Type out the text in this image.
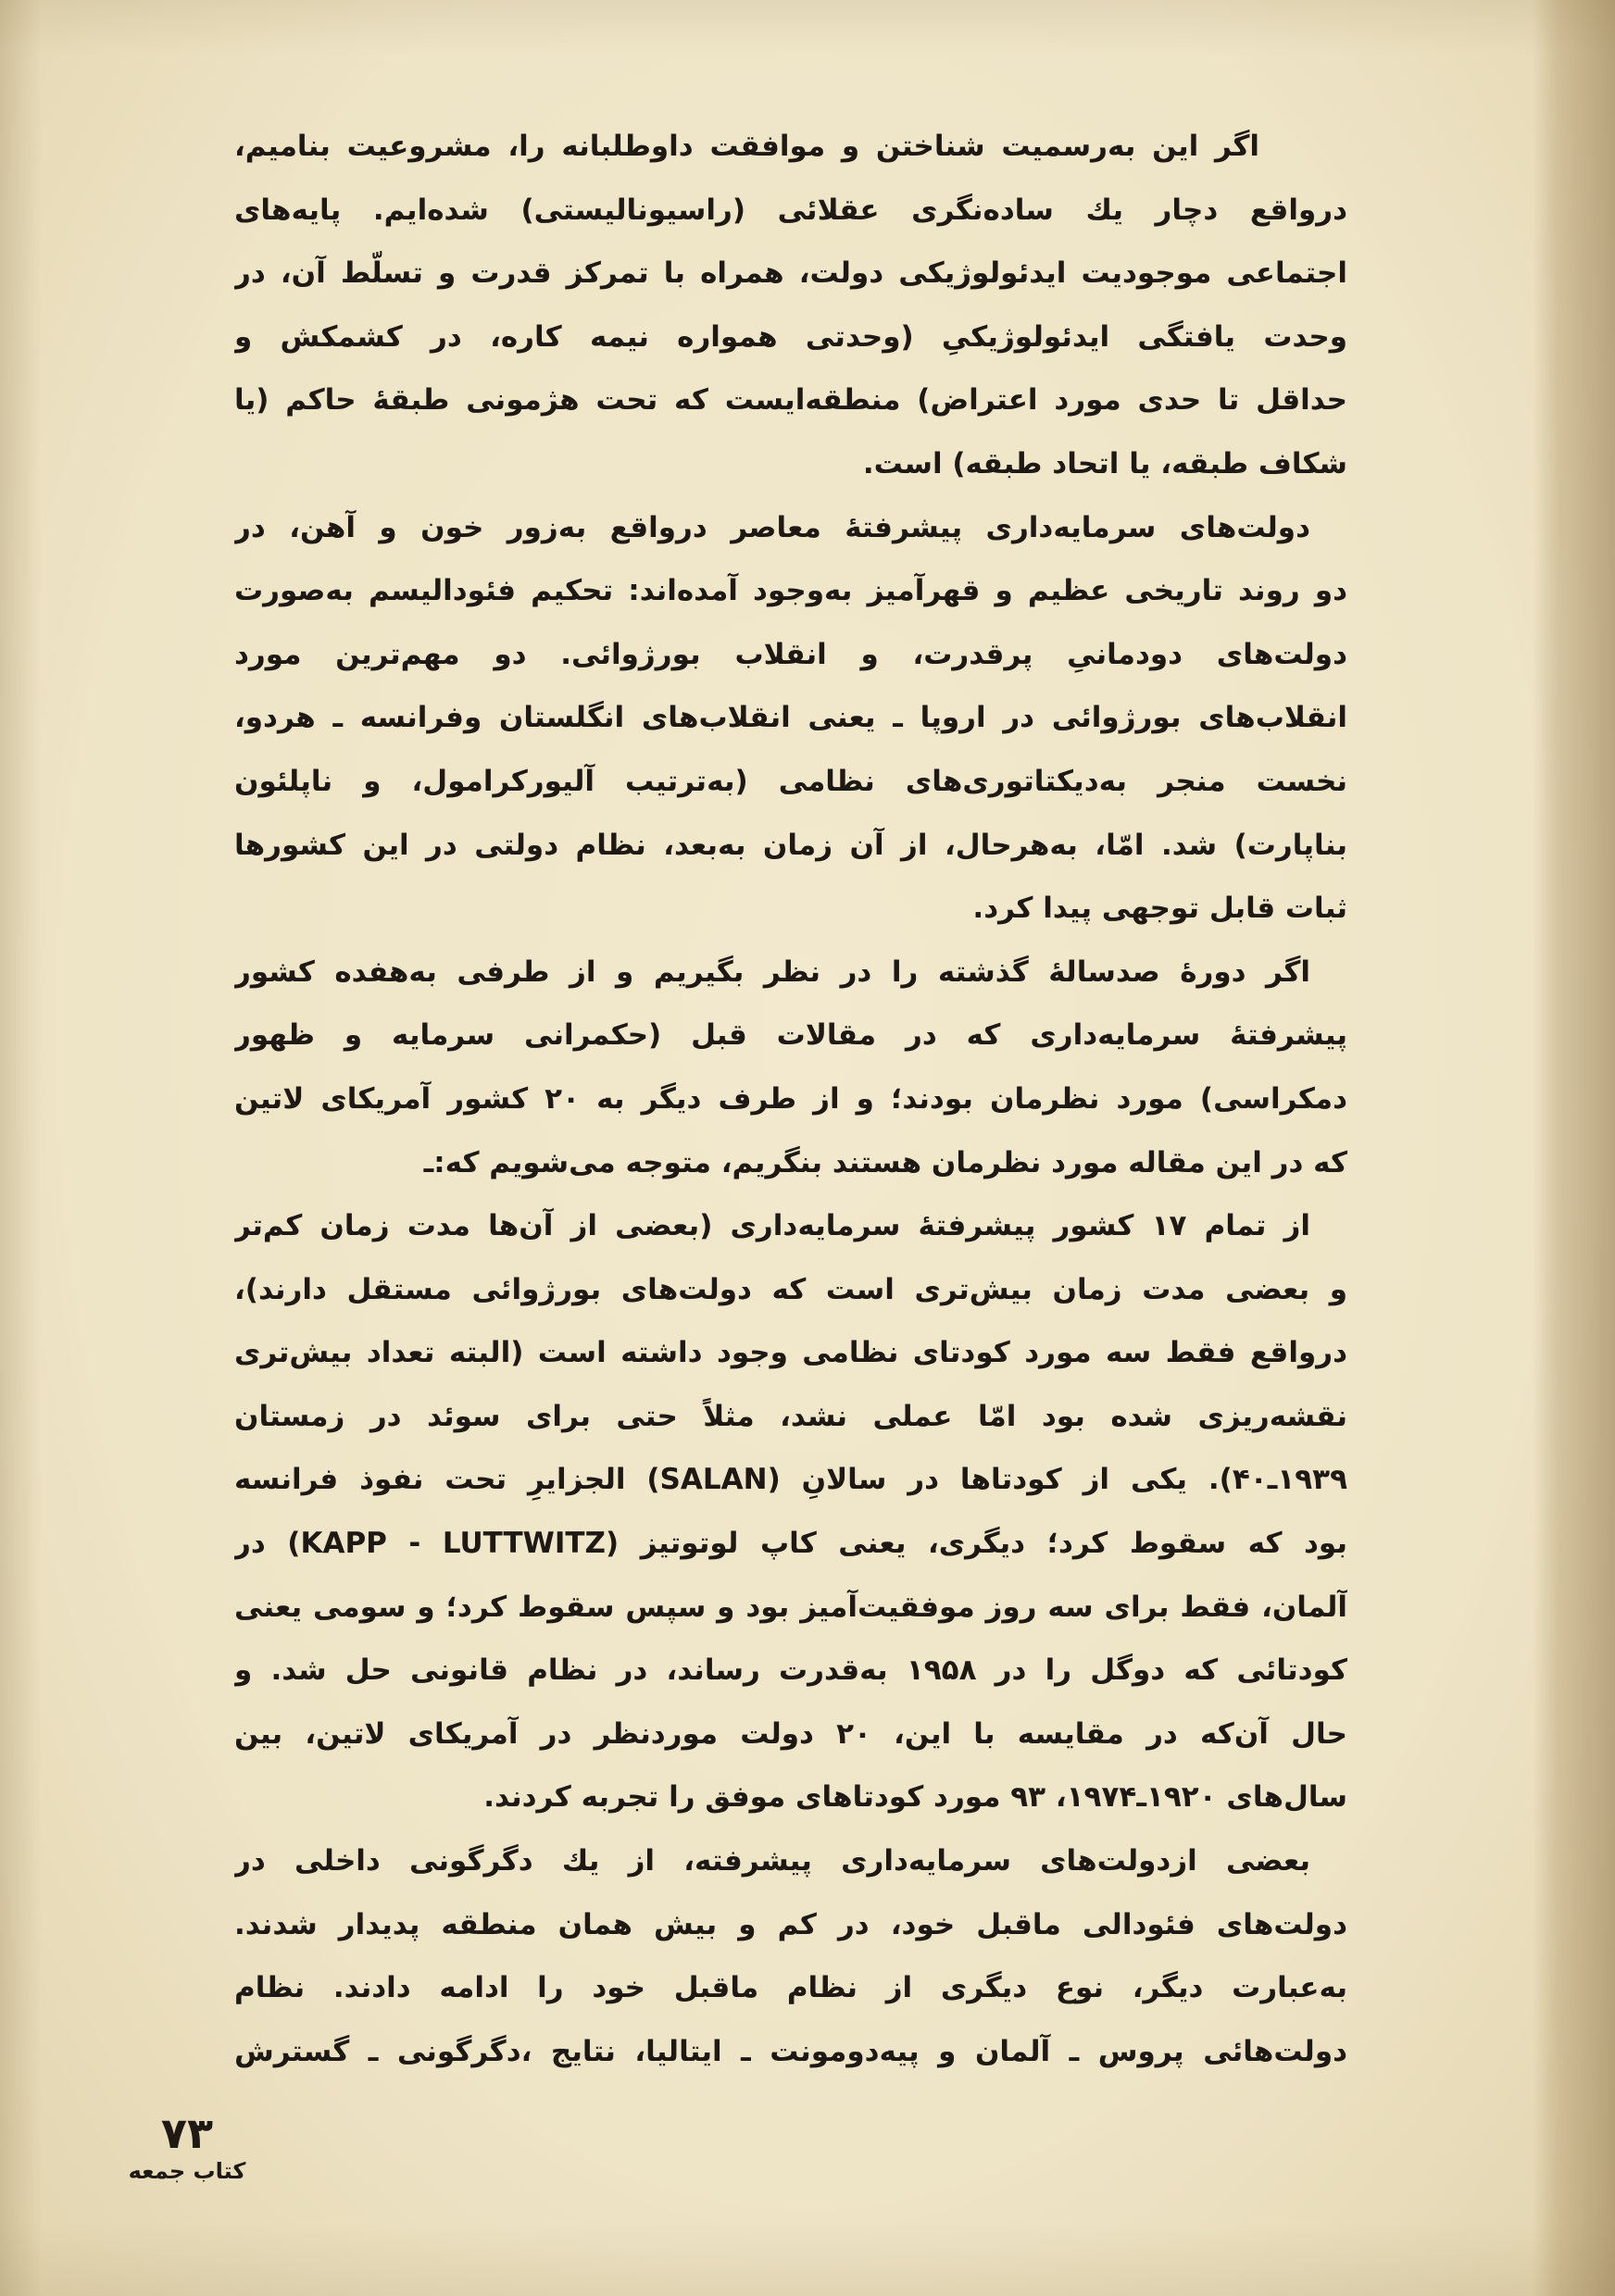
اگر این به‌رسمیت شناختن و موافقت داوطلبانه را، مشروعیت بنامیم،
درواقع دچار یك ساده‌نگری عقلائی (راسیونالیستی) شده‌ایم. پایه‌های
اجتماعی موجودیت ایدئولوژیکی دولت، همراه با تمرکز قدرت و تسلّط آن، در
وحدت یافتگی ایدئولوژیکیِ (وحدتی همواره نیمه کاره، در کشمکش و
حداقل تا حدی مورد اعتراض) منطقه‌ایست که تحت هژمونی طبقهٔ حاکم (یا
شکاف طبقه، یا اتحاد طبقه) است.
دولت‌های سرمایه‌داری پیشرفتهٔ معاصر درواقع به‌زور خون و آهن، در
دو روند تاریخی عظیم و قهرآمیز به‌وجود آمده‌اند: تحکیم فئودالیسم به‌صورت
دولت‌های دودمانیِ پرقدرت، و انقلاب بورژوائی. دو مهم‌ترین مورد
انقلاب‌های بورژوائی در اروپا ـ یعنی انقلاب‌های انگلستان وفرانسه ـ هردو،
نخست منجر به‌دیکتاتوری‌های نظامی (به‌ترتیب آلیورکرامول، و ناپلئون
بناپارت) شد. امّا، به‌هرحال، از آن زمان به‌بعد، نظام دولتی در این کشورها
ثبات قابل توجهی پیدا کرد.
اگر دورهٔ صدسالهٔ گذشته را در نظر بگیریم و از طرفی به‌هفده کشور
پیشرفتهٔ سرمایه‌داری که در مقالات قبل (حکمرانی سرمایه و ظهور
دمکراسی) مورد نظرمان بودند؛ و از طرف دیگر به ۲۰ کشور آمریکای لاتین
که در این مقاله مورد نظرمان هستند بنگریم، متوجه می‌شویم که:ـ
از تمام ۱۷ کشور پیشرفتهٔ سرمایه‌داری (بعضی از آن‌ها مدت زمان کم‌تر
و بعضی مدت زمان بیش‌تری است که دولت‌های بورژوائی مستقل دارند)،
درواقع فقط سه مورد کودتای نظامی وجود داشته است (البته تعداد بیش‌تری
نقشه‌ریزی شده بود امّا عملی نشد، مثلاً حتی برای سوئد در زمستان
۱۹۳۹ـ۴۰). یکی از کودتاها در سالانِ (SALAN) الجزایرِ تحت نفوذ فرانسه
بود که سقوط کرد؛ دیگری، یعنی کاپ لوتوتیز (KAPP - LUTTWITZ) در
آلمان، فقط برای سه روز موفقیت‌آمیز بود و سپس سقوط کرد؛ و سومی یعنی
کودتائی که دوگل را در ۱۹۵۸ به‌قدرت رساند، در نظام قانونی حل شد. و
حال آن‌که در مقایسه با این، ۲۰ دولت موردنظر در آمریکای لاتین، بین
سال‌های ۱۹۲۰ـ۱۹۷۴، ۹۳ مورد کودتاهای موفق را تجربه کردند.
بعضی ازدولت‌های سرمایه‌داری پیشرفته، از یك دگرگونی داخلی در
دولت‌های فئودالی ماقبل خود، در کم و بیش همان منطقه پدیدار شدند.
به‌عبارت دیگر، نوع دیگری از نظام ماقبل خود را ادامه دادند. نظام
دولت‌هائی پروس ـ آلمان و پیه‌دومونت ـ ایتالیا، نتایج ،دگرگونی ـ گسترش
۷۳
کتاب جمعه
